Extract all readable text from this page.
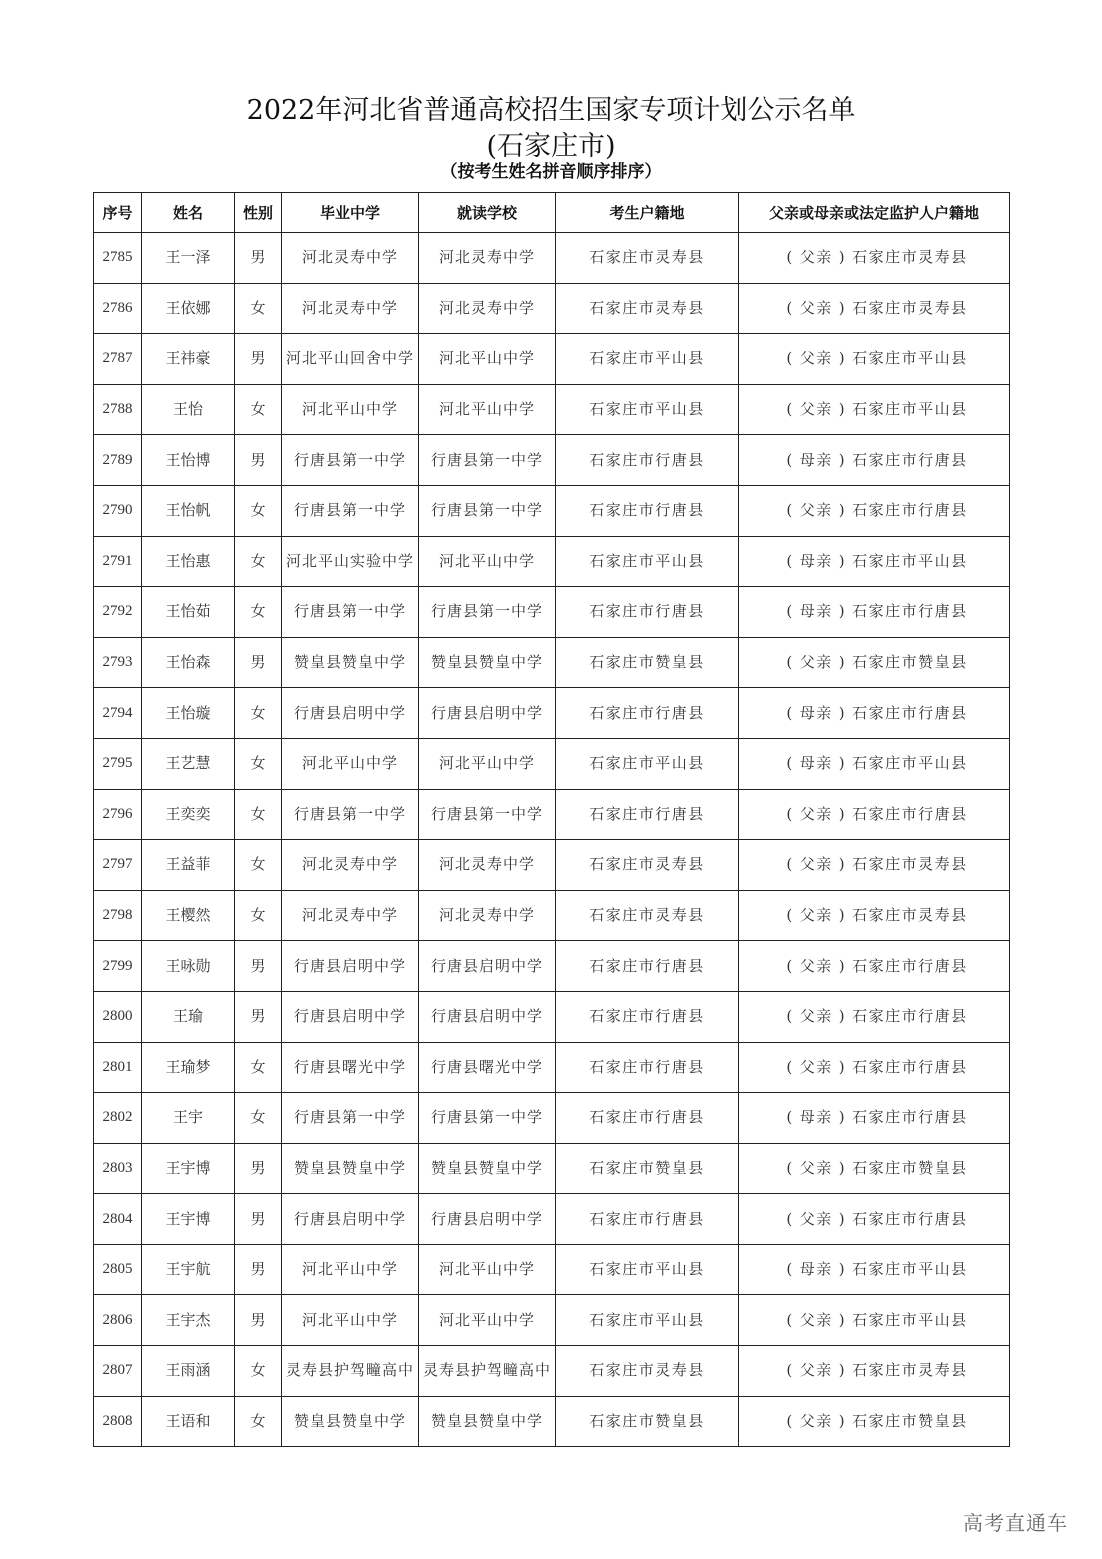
2022年河北省普通高校招生国家专项计划公示名单
(石家庄市)
（按考生姓名拼音顺序排序）
序号	姓名	性别	毕业中学	就读学校	考生户籍地	父亲或母亲或法定监护人户籍地
2785	王一泽	男	河北灵寿中学	河北灵寿中学	石家庄市灵寿县	( 父亲 ) 石家庄市灵寿县
2786	王依娜	女	河北灵寿中学	河北灵寿中学	石家庄市灵寿县	( 父亲 ) 石家庄市灵寿县
2787	王祎豪	男	河北平山回舍中学	河北平山中学	石家庄市平山县	( 父亲 ) 石家庄市平山县
2788	王怡	女	河北平山中学	河北平山中学	石家庄市平山县	( 父亲 ) 石家庄市平山县
2789	王怡博	男	行唐县第一中学	行唐县第一中学	石家庄市行唐县	( 母亲 ) 石家庄市行唐县
2790	王怡帆	女	行唐县第一中学	行唐县第一中学	石家庄市行唐县	( 父亲 ) 石家庄市行唐县
2791	王怡惠	女	河北平山实验中学	河北平山中学	石家庄市平山县	( 母亲 ) 石家庄市平山县
2792	王怡茹	女	行唐县第一中学	行唐县第一中学	石家庄市行唐县	( 母亲 ) 石家庄市行唐县
2793	王怡森	男	赞皇县赞皇中学	赞皇县赞皇中学	石家庄市赞皇县	( 父亲 ) 石家庄市赞皇县
2794	王怡璇	女	行唐县启明中学	行唐县启明中学	石家庄市行唐县	( 母亲 ) 石家庄市行唐县
2795	王艺慧	女	河北平山中学	河北平山中学	石家庄市平山县	( 母亲 ) 石家庄市平山县
2796	王奕奕	女	行唐县第一中学	行唐县第一中学	石家庄市行唐县	( 父亲 ) 石家庄市行唐县
2797	王益菲	女	河北灵寿中学	河北灵寿中学	石家庄市灵寿县	( 父亲 ) 石家庄市灵寿县
2798	王樱然	女	河北灵寿中学	河北灵寿中学	石家庄市灵寿县	( 父亲 ) 石家庄市灵寿县
2799	王咏勋	男	行唐县启明中学	行唐县启明中学	石家庄市行唐县	( 父亲 ) 石家庄市行唐县
2800	王瑜	男	行唐县启明中学	行唐县启明中学	石家庄市行唐县	( 父亲 ) 石家庄市行唐县
2801	王瑜梦	女	行唐县曙光中学	行唐县曙光中学	石家庄市行唐县	( 父亲 ) 石家庄市行唐县
2802	王宇	女	行唐县第一中学	行唐县第一中学	石家庄市行唐县	( 母亲 ) 石家庄市行唐县
2803	王宇博	男	赞皇县赞皇中学	赞皇县赞皇中学	石家庄市赞皇县	( 父亲 ) 石家庄市赞皇县
2804	王宇博	男	行唐县启明中学	行唐县启明中学	石家庄市行唐县	( 父亲 ) 石家庄市行唐县
2805	王宇航	男	河北平山中学	河北平山中学	石家庄市平山县	( 母亲 ) 石家庄市平山县
2806	王宇杰	男	河北平山中学	河北平山中学	石家庄市平山县	( 父亲 ) 石家庄市平山县
2807	王雨涵	女	灵寿县护驾疃高中	灵寿县护驾疃高中	石家庄市灵寿县	( 父亲 ) 石家庄市灵寿县
2808	王语和	女	赞皇县赞皇中学	赞皇县赞皇中学	石家庄市赞皇县	( 父亲 ) 石家庄市赞皇县
高考直通车
